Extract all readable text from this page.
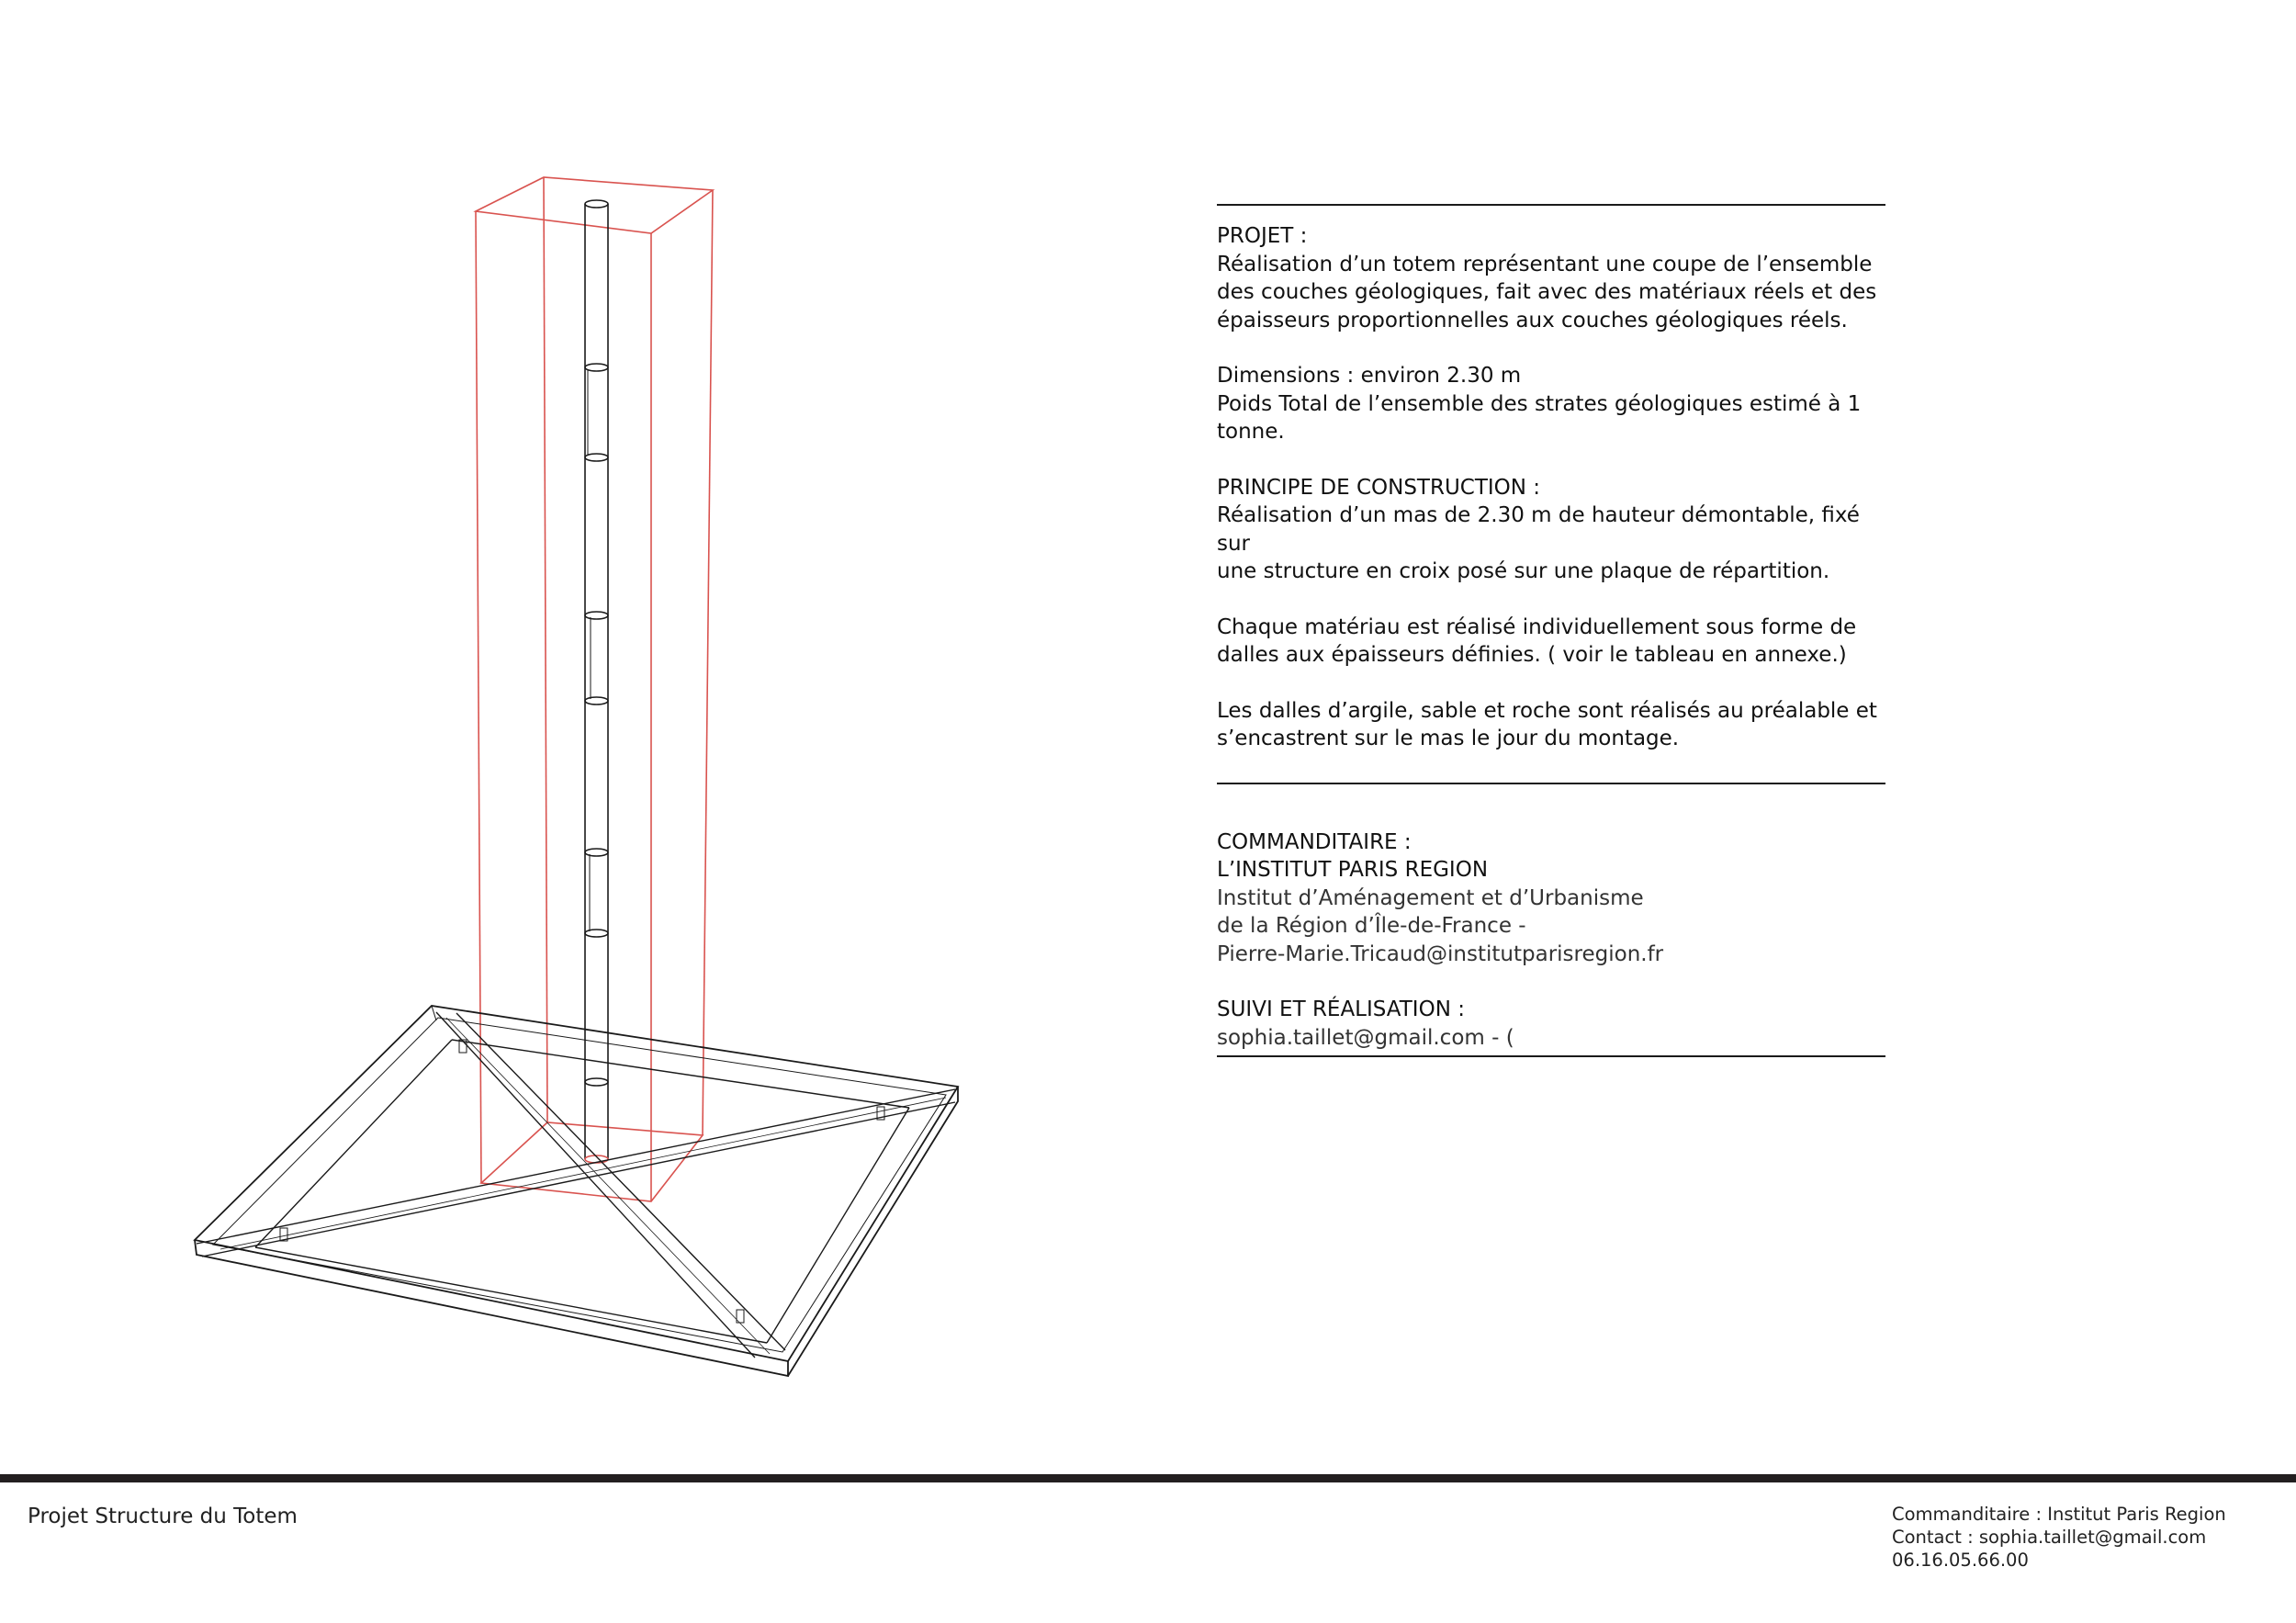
PROJET :

Réalisation d’un totem représentant une coupe de l’ensemble

des couches géologiques, fait avec des matériaux réels et des

épaisseurs proportionnelles aux couches géologiques réels.

Dimensions : environ 2.30 m

Poids Total de l’ensemble des strates géologiques estimé à 1

tonne.

PRINCIPE DE CONSTRUCTION :

Réalisation d’un mas de 2.30 m de hauteur démontable, fixé sur

une structure en croix posé sur une plaque de répartition.

Chaque matériau est réalisé individuellement sous forme de

dalles aux épaisseurs définies. ( voir le tableau en annexe.)

Les dalles d’argile, sable et roche sont réalisés au préalable et

s’encastrent sur le mas le jour du montage.

COMMANDITAIRE :

L’INSTITUT PARIS REGION

Institut d’Aménagement et d’Urbanisme

de la Région d’Île-de-France -

Pierre-Marie.Tricaud@institutparisregion.fr

SUIVI ET RÉALISATION :

sophia.taillet@gmail.com - (

Projet Structure du Totem	Commanditaire : Institut Paris Region
Contact : sophia.taillet@gmail.com
06.16.05.66.00
